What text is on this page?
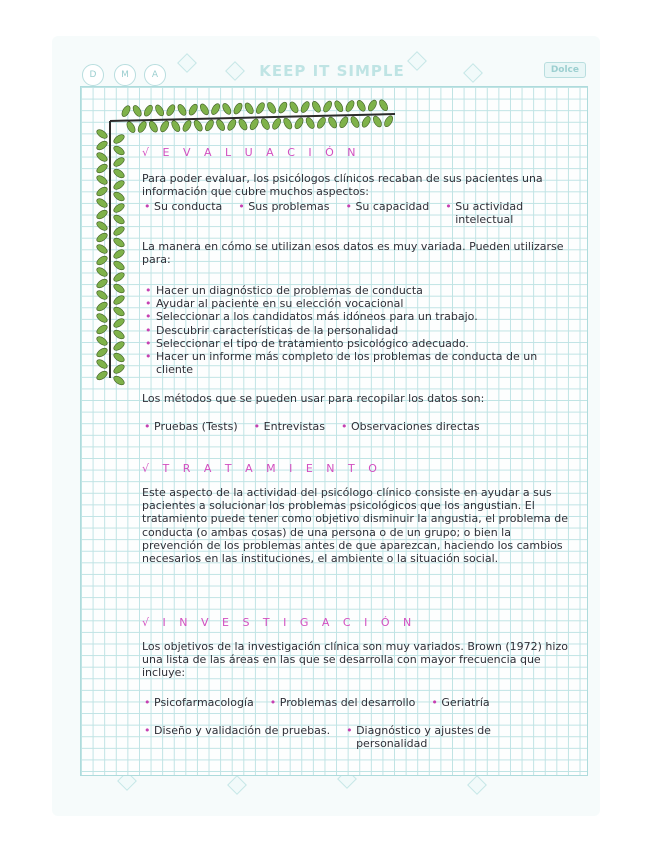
D	M	A	KEEP IT SIMPLE	Dolce

√ E V A L U A C I Ó N

Para poder evaluar, los psicólogos clínicos recaban de sus pacientes una información que cubre muchos aspectos:
• Su conducta	• Sus problemas	• Su capacidad	• Su actividad intelectual
La manera en cómo se utilizan esos datos es muy variada. Pueden utilizarse para:
• Hacer un diagnóstico de problemas de conducta
• Ayudar al paciente en su elección vocacional
• Seleccionar a los candidatos más idóneos para un trabajo.
• Descubrir características de la personalidad
• Seleccionar el tipo de tratamiento psicológico adecuado.
• Hacer un informe más completo de los problemas de conducta de un cliente
Los métodos que se pueden usar para recopilar los datos son:
• Pruebas (Tests)	• Entrevistas	• Observaciones directas

√ T R A T A M I E N T O

Este aspecto de la actividad del psicólogo clínico consiste en ayudar a sus pacientes a solucionar los problemas psicológicos que los angustian. El tratamiento puede tener como objetivo disminuir la angustia, el problema de conducta (o ambas cosas) de una persona o de un grupo; o bien la prevención de los problemas antes de que aparezcan, haciendo los cambios necesarios en las instituciones, el ambiente o la situación social.

√ I N V E S T I G A C I Ó N

Los objetivos de la investigación clínica son muy variados. Brown (1972) hizo una lista de las áreas en las que se desarrolla con mayor frecuencia que incluye:
• Psicofarmacología	• Problemas del desarrollo	• Geriatría
• Diseño y validación de pruebas.	• Diagnóstico y ajustes de personalidad
